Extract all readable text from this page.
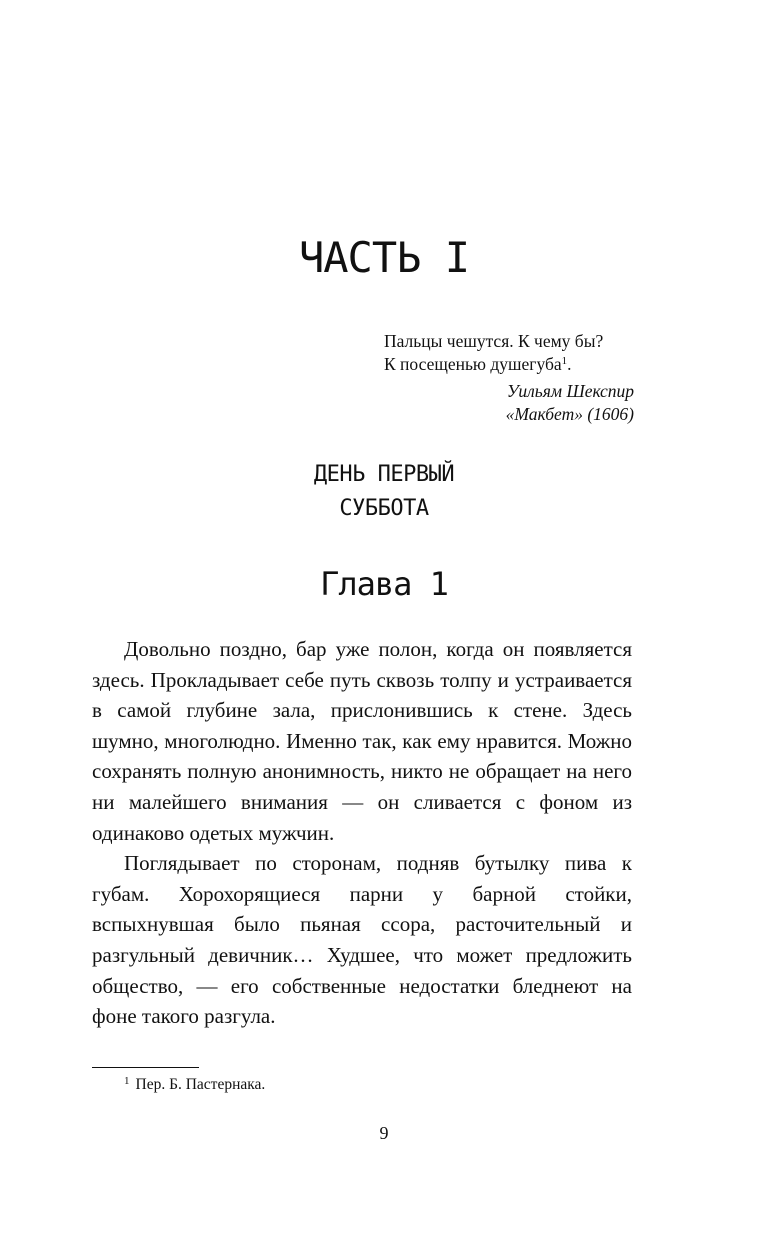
ЧАСТЬ I
Пальцы чешутся. К чему бы?
К посещенью душегуба$^1$.
Уильям Шекспир
«Макбет» (1606)
ДЕНЬ ПЕРВЫЙ
СУББОТА
Глава 1

Довольно поздно, бар уже полон, когда он появляется здесь. Прокладывает себе путь сквозь толпу и устраивается в самой глубине зала, прислонившись к стене. Здесь шумно, многолюдно. Именно так, как ему нравится. Можно сохранять полную анонимность, никто не обращает на него ни малейшего внимания — он сливается с фоном из одинаково одетых мужчин.

Поглядывает по сторонам, подняв бутылку пива к губам. Хорохорящиеся парни у барной стойки, вспыхнувшая было пьяная ссора, расточительный и разгульный девичник… Худшее, что может предложить общество, — его собственные недостатки бледнеют на фоне такого разгула.

$^1$ Пер. Б. Пастернака.
9
